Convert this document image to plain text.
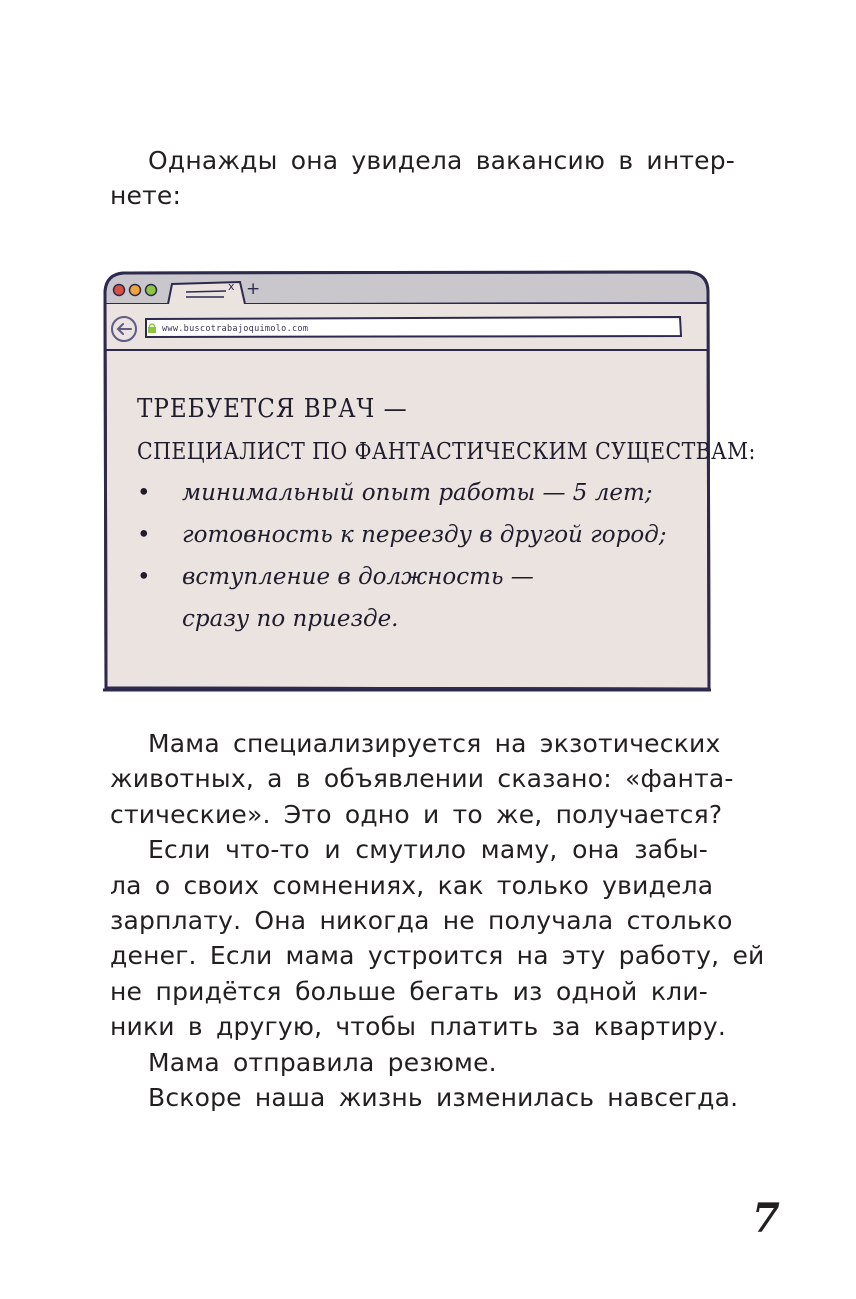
Однажды она увидела вакансию в интер-
нете:
x +
www.buscotrabajoquimolo.com
ТРЕБУЕТСЯ ВРАЧ —
СПЕЦИАЛИСТ ПО ФАНТАСТИЧЕСКИМ СУЩЕСТВАМ:
• минимальный опыт работы — 5 лет;
• готовность к переезду в другой город;
• вступление в должность —
сразу по приезде.
Мама специализируется на экзотических
животных, а в объявлении сказано: «фанта-
стические». Это одно и то же, получается?
Если что-то и смутило маму, она забы-
ла о своих сомнениях, как только увидела
зарплату. Она никогда не получала столько
денег. Если мама устроится на эту работу, ей
не придётся больше бегать из одной кли-
ники в другую, чтобы платить за квартиру.
Мама отправила резюме.
Вскоре наша жизнь изменилась навсегда.
7
